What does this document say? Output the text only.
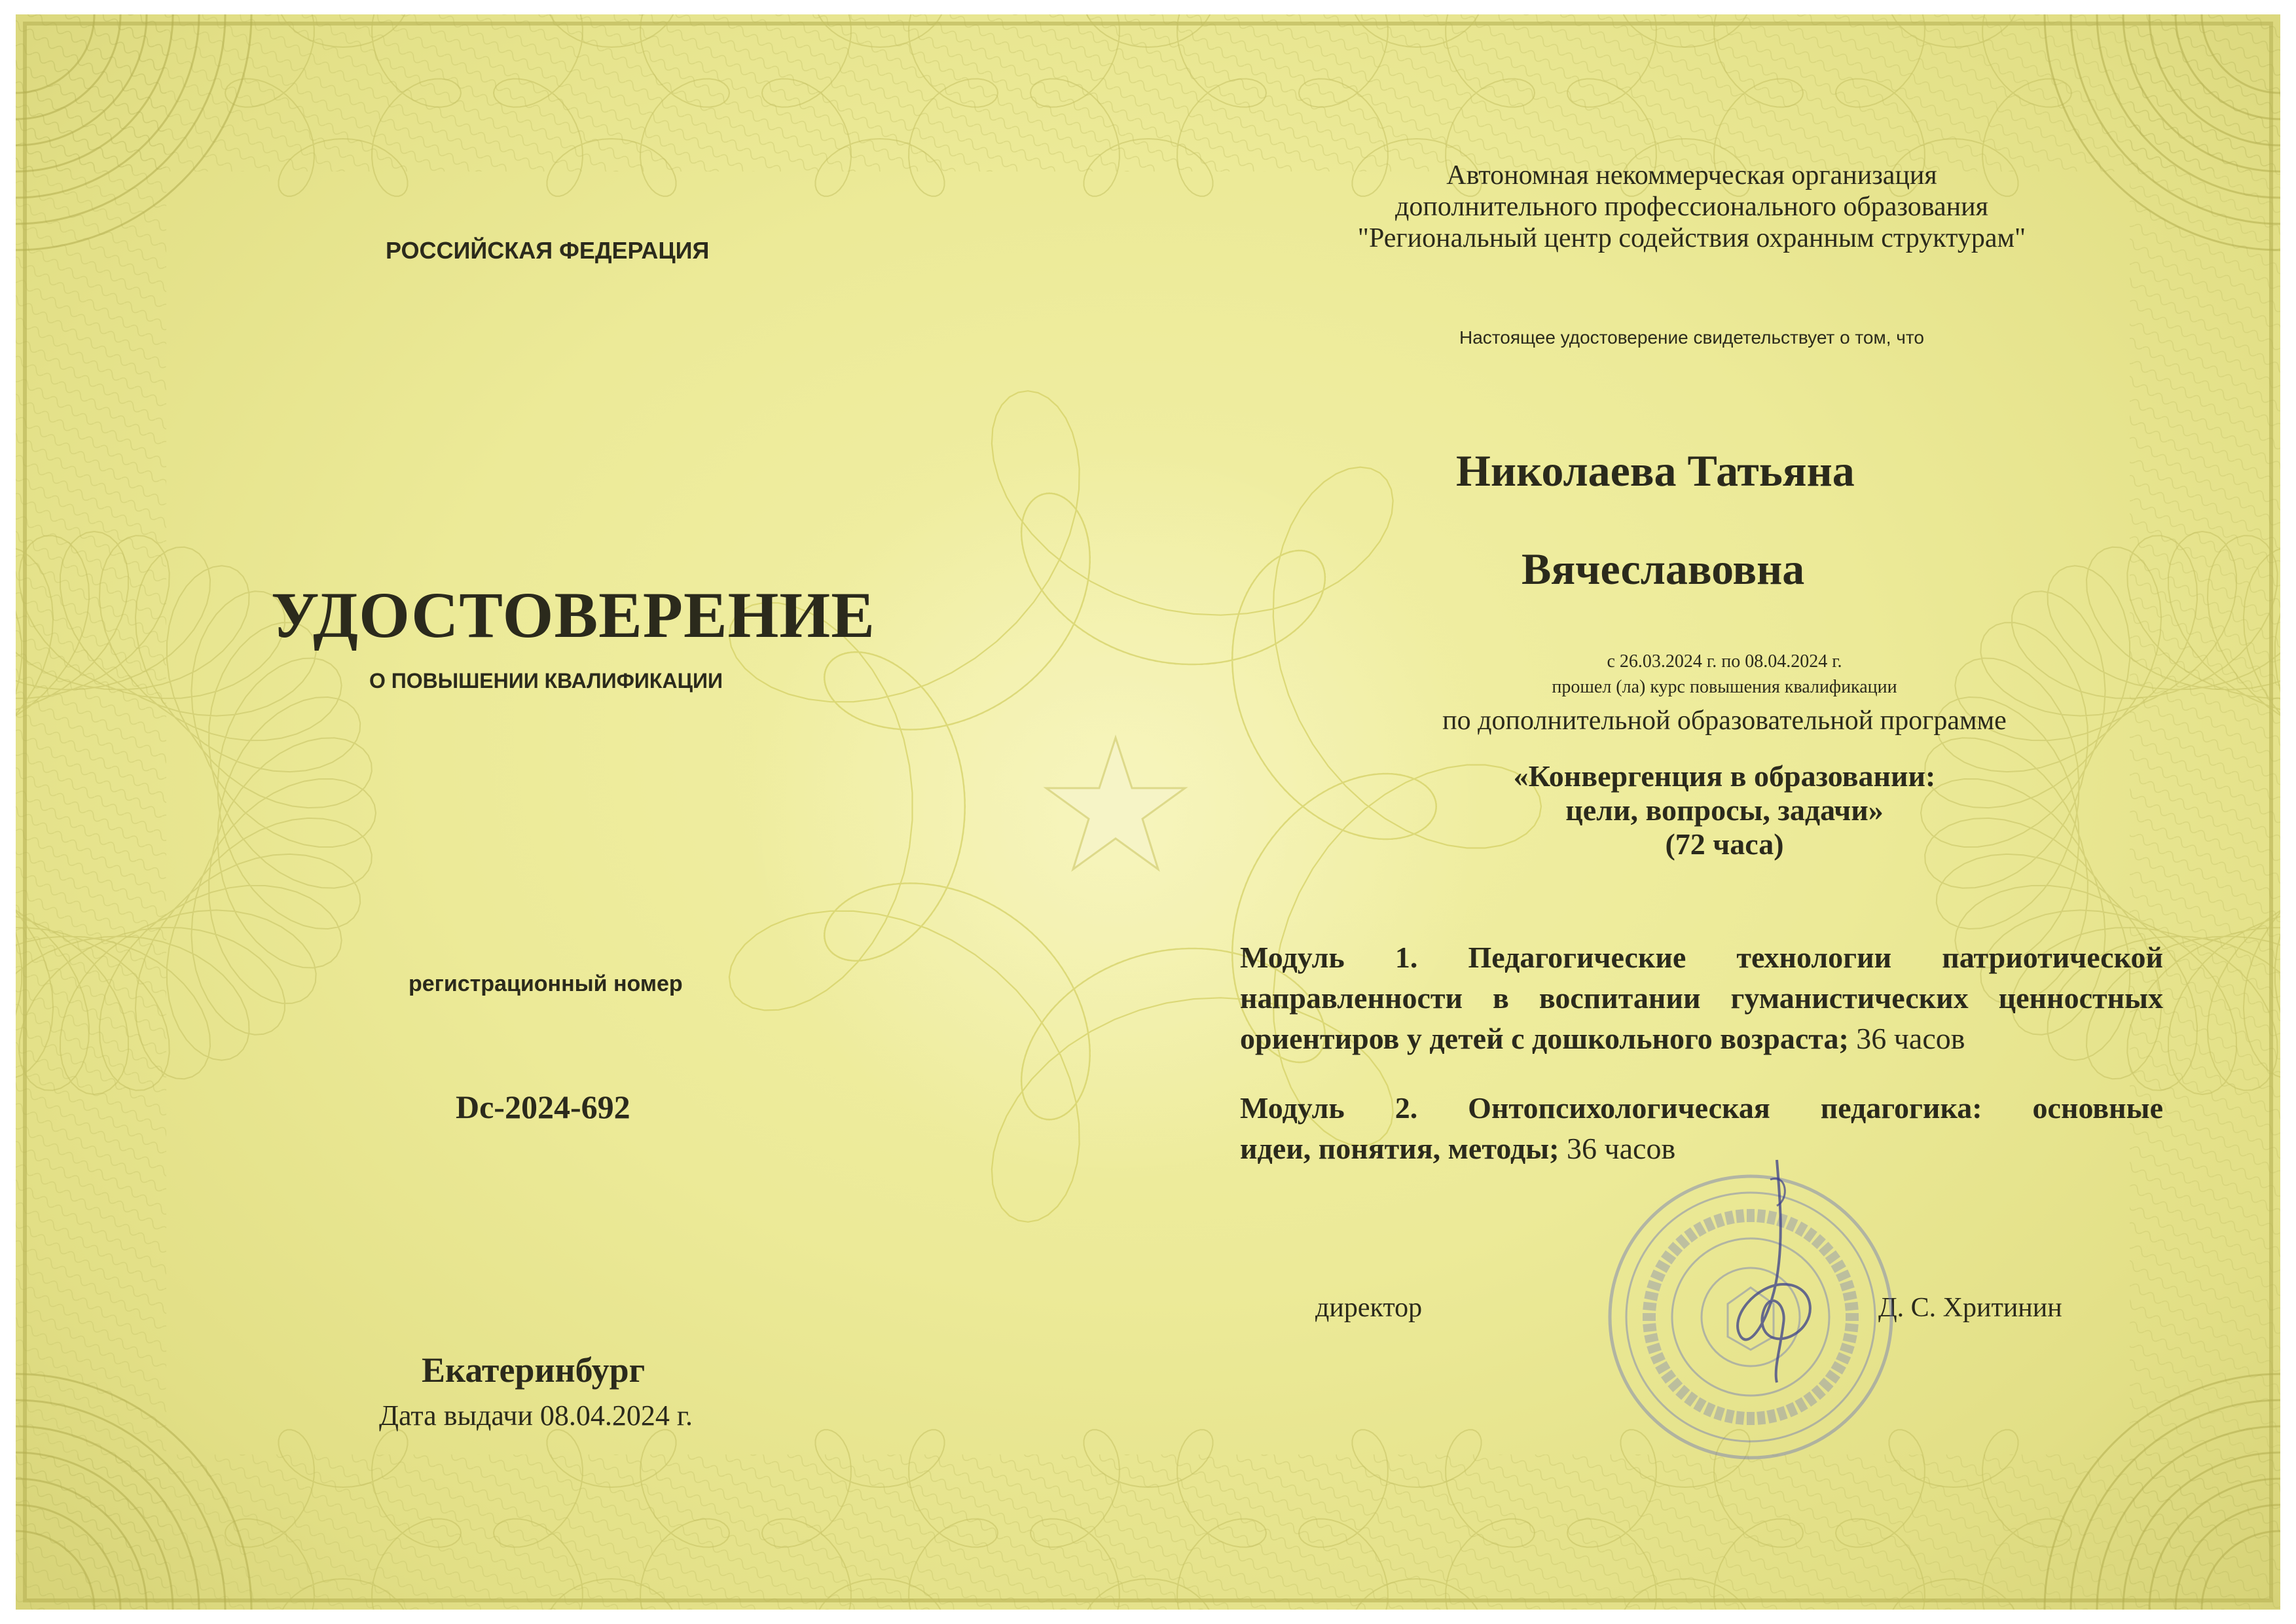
РОССИЙСКАЯ ФЕДЕРАЦИЯ
УДОСТОВЕРЕНИЕ
О ПОВЫШЕНИИ КВАЛИФИКАЦИИ
регистрационный номер
Dc-2024-692
Екатеринбург
Дата выдачи 08.04.2024 г.
Автономная некоммерческая организация
дополнительного профессионального образования
"Региональный центр содействия охранным структурам"
Настоящее удостоверение свидетельствует о том, что
Николаева Татьяна
Вячеславовна
с 26.03.2024 г. по 08.04.2024 г.
прошел (ла) курс повышения квалификации
по дополнительной образовательной программе
«Конвергенция в образовании:
цели, вопросы, задачи»
(72 часа)
Модуль 1. Педагогические технологии патриотической
направленности в воспитании гуманистических ценностных
ориентиров у детей с дошкольного возраста; 36 часов
Модуль 2. Онтопсихологическая педагогика: основные
идеи, понятия, методы; 36 часов
директор	Д. С. Хритинин
